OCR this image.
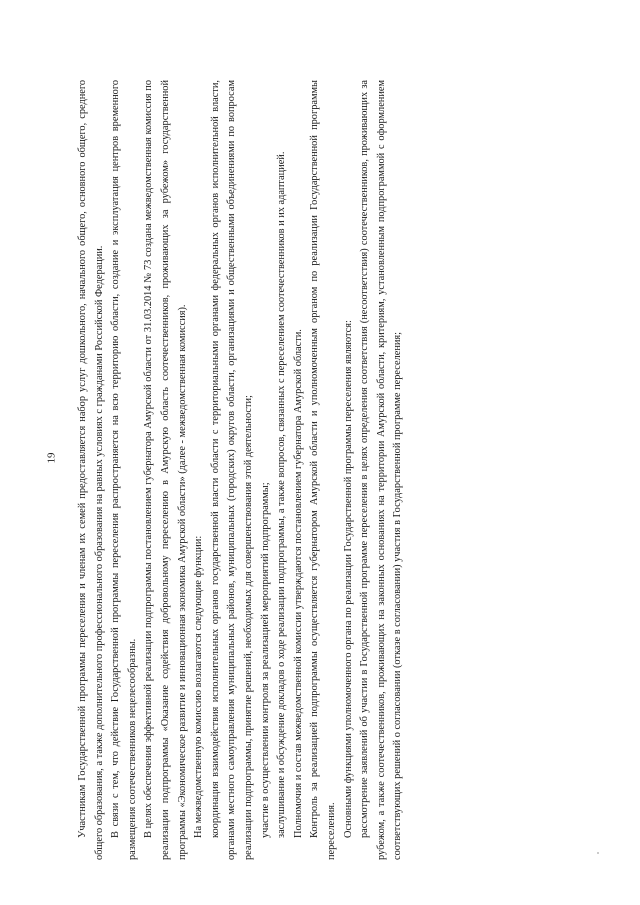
19 Участникам Государственной программы переселения и членам их семей предоставляется набор услуг дошкольного, начального общего, основного общего, среднего общего образования, а также дополнительного профессионального образования на равных условиях с гражданами Российской Федерации. В связи с тем, что действие Государственной программы переселения распространяется на всю территорию области, создание и эксплуатация центров временного размещения соотечественников нецелесообразны. В целях обеспечения эффективной реализации подпрограммы постановлением губернатора Амурской области от 31.03.2014 № 73 создана межведомственная комиссия по реализации подпрограммы «Оказание содействия добровольному переселению в Амурскую область соотечественников, проживающих за рубежом» государственной программы «Экономическое развитие и инновационная экономика Амурской области» (далее - межведомственная комиссия). На межведомственную комиссию возлагаются следующие функции: координация взаимодействия исполнительных органов государственной власти области с территориальными органами федеральных органов исполнительной власти, органами местного самоуправления муниципальных районов, муниципальных (городских) округов области, организациями и общественными объединениями по вопросам реализации подпрограммы, принятие решений, необходимых для совершенствования этой деятельности; участие в осуществлении контроля за реализацией мероприятий подпрограммы; заслушивание и обсуждение докладов о ходе реализации подпрограммы, а также вопросов, связанных с переселением соотечественников и их адаптацией. Полномочия и состав межведомственной комиссии утверждаются постановлением губернатора Амурской области. Контроль за реализацией подпрограммы осуществляется губернатором Амурской области и уполномоченным органом по реализации Государственной программы переселения. Основными функциями уполномоченного органа по реализации Государственной программы переселения являются: рассмотрение заявлений об участии в Государственной программе переселения в целях определения соответствия (несоответствия) соотечественников, проживающих за рубежом, а также соотечественников, проживающих на законных основаниях на территории Амурской области, критериям, установленным подпрограммой с оформлением соответствующих решений о согласовании (отказе в согласовании) участия в Государственной программе переселения;
